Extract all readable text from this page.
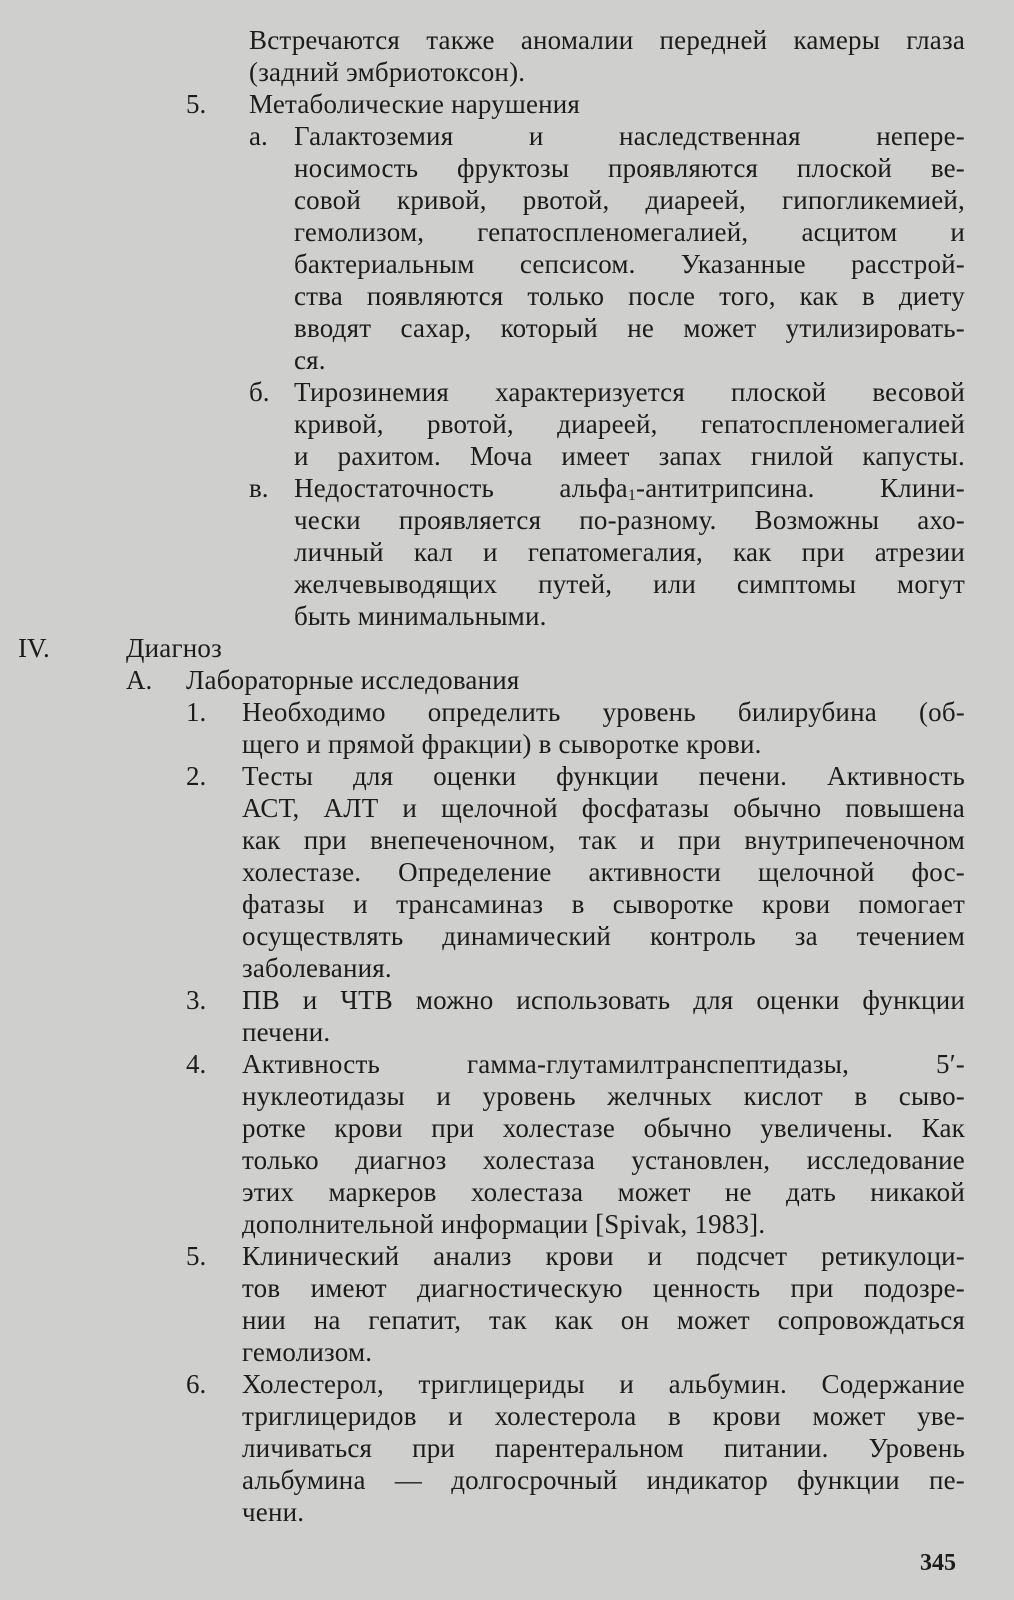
Встречаются также аномалии передней камеры глаза
(задний эмбриотоксон).
5. Метаболические нарушения
а. Галактоземия и наследственная непере-
носимость фруктозы проявляются плоской ве-
совой кривой, рвотой, диареей, гипогликемией,
гемолизом, гепатоспленомегалией, асцитом и
бактериальным сепсисом. Указанные расстрой-
ства появляются только после того, как в диету
вводят сахар, который не может утилизировать-
ся.
б. Тирозинемия характеризуется плоской весовой
кривой, рвотой, диареей, гепатоспленомегалией
и рахитом. Моча имеет запах гнилой капусты.
в. Недостаточность альфа$_1$-антитрипсина. Клини-
чески проявляется по-разному. Возможны ахо-
личный кал и гепатомегалия, как при атрезии
желчевыводящих путей, или симптомы могут
быть минимальными.
IV.	Диагноз
А. Лабораторные исследования
1. Необходимо определить уровень билирубина (об-
щего и прямой фракции) в сыворотке крови.
2. Тесты для оценки функции печени. Активность
АСТ, АЛТ и щелочной фосфатазы обычно повышена
как при внепеченочном, так и при внутрипеченочном
холестазе. Определение активности щелочной фос-
фатазы и трансаминаз в сыворотке крови помогает
осуществлять динамический контроль за течением
заболевания.
3. ПВ и ЧТВ можно использовать для оценки функции
печени.
4. Активность гамма-глутамилтранспептидазы, 5′-
нуклеотидазы и уровень желчных кислот в сыво-
ротке крови при холестазе обычно увеличены. Как
только диагноз холестаза установлен, исследование
этих маркеров холестаза может не дать никакой
дополнительной информации [Spivak, 1983].
5. Клинический анализ крови и подсчет ретикулоци-
тов имеют диагностическую ценность при подозре-
нии на гепатит, так как он может сопровождаться
гемолизом.
6. Холестерол, триглицериды и альбумин. Содержание
триглицеридов и холестерола в крови может уве-
личиваться при парентеральном питании. Уровень
альбумина — долгосрочный индикатор функции пе-
чени.
345
